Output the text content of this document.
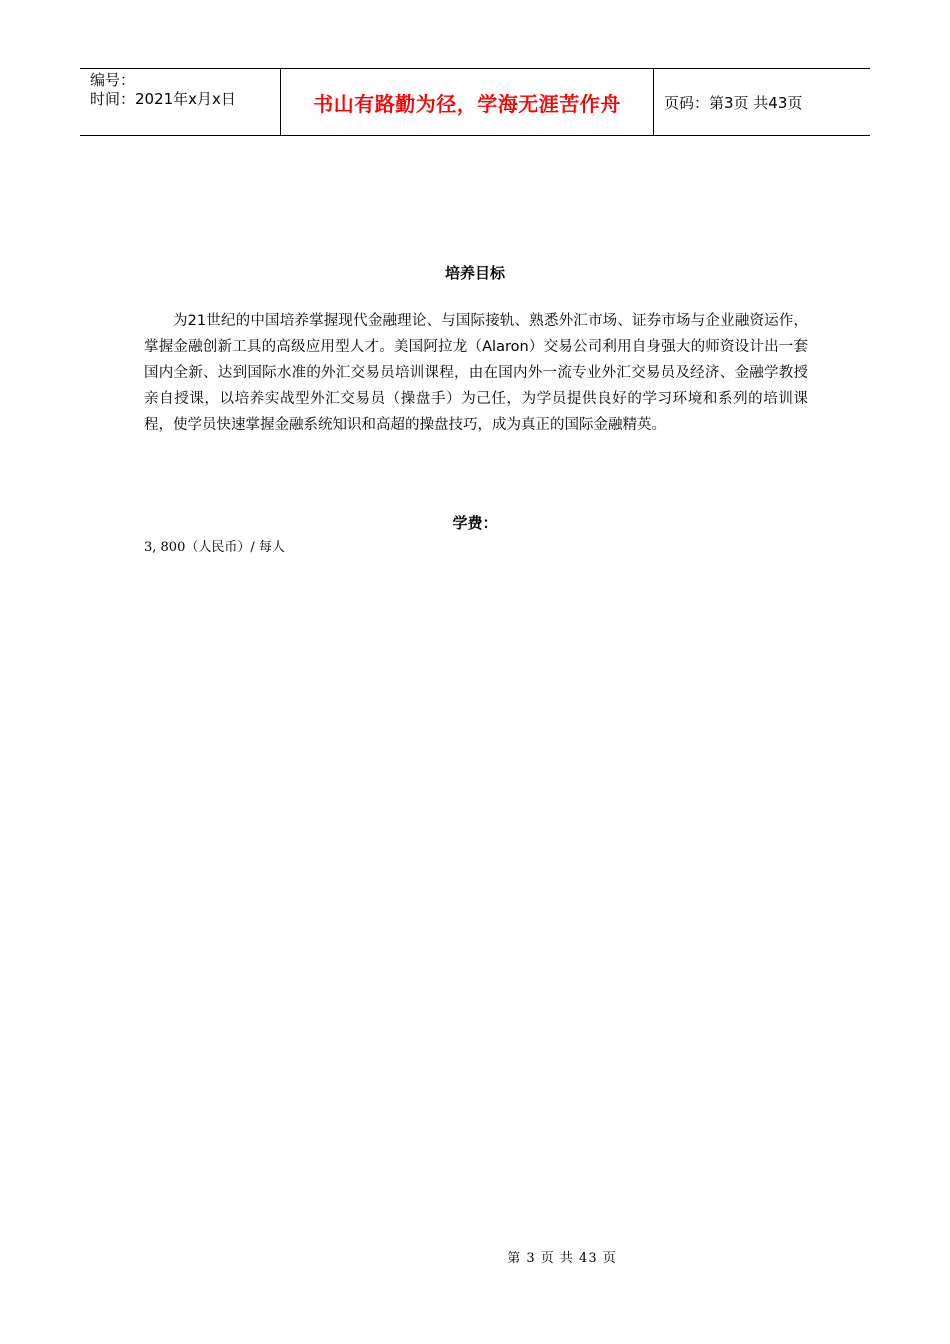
编号：
时间：2021年x月x日	书山有路勤为径，学海无涯苦作舟	页码：第3页 共43页
培养目标
为21世纪的中国培养掌握现代金融理论、与国际接轨、熟悉外汇市场、证券市场与企业融资运作，掌握金融创新工具的高级应用型人才。美国阿拉龙（Alaron）交易公司利用自身强大的师资设计出一套国内全新、达到国际水准的外汇交易员培训课程，由在国内外一流专业外汇交易员及经济、金融学教授亲自授课，以培养实战型外汇交易员（操盘手）为己任，为学员提供良好的学习环境和系列的培训课程，使学员快速掌握金融系统知识和高超的操盘技巧，成为真正的国际金融精英。
学费：
3, 800（人民币）/ 每人
第 3 页 共 43 页
